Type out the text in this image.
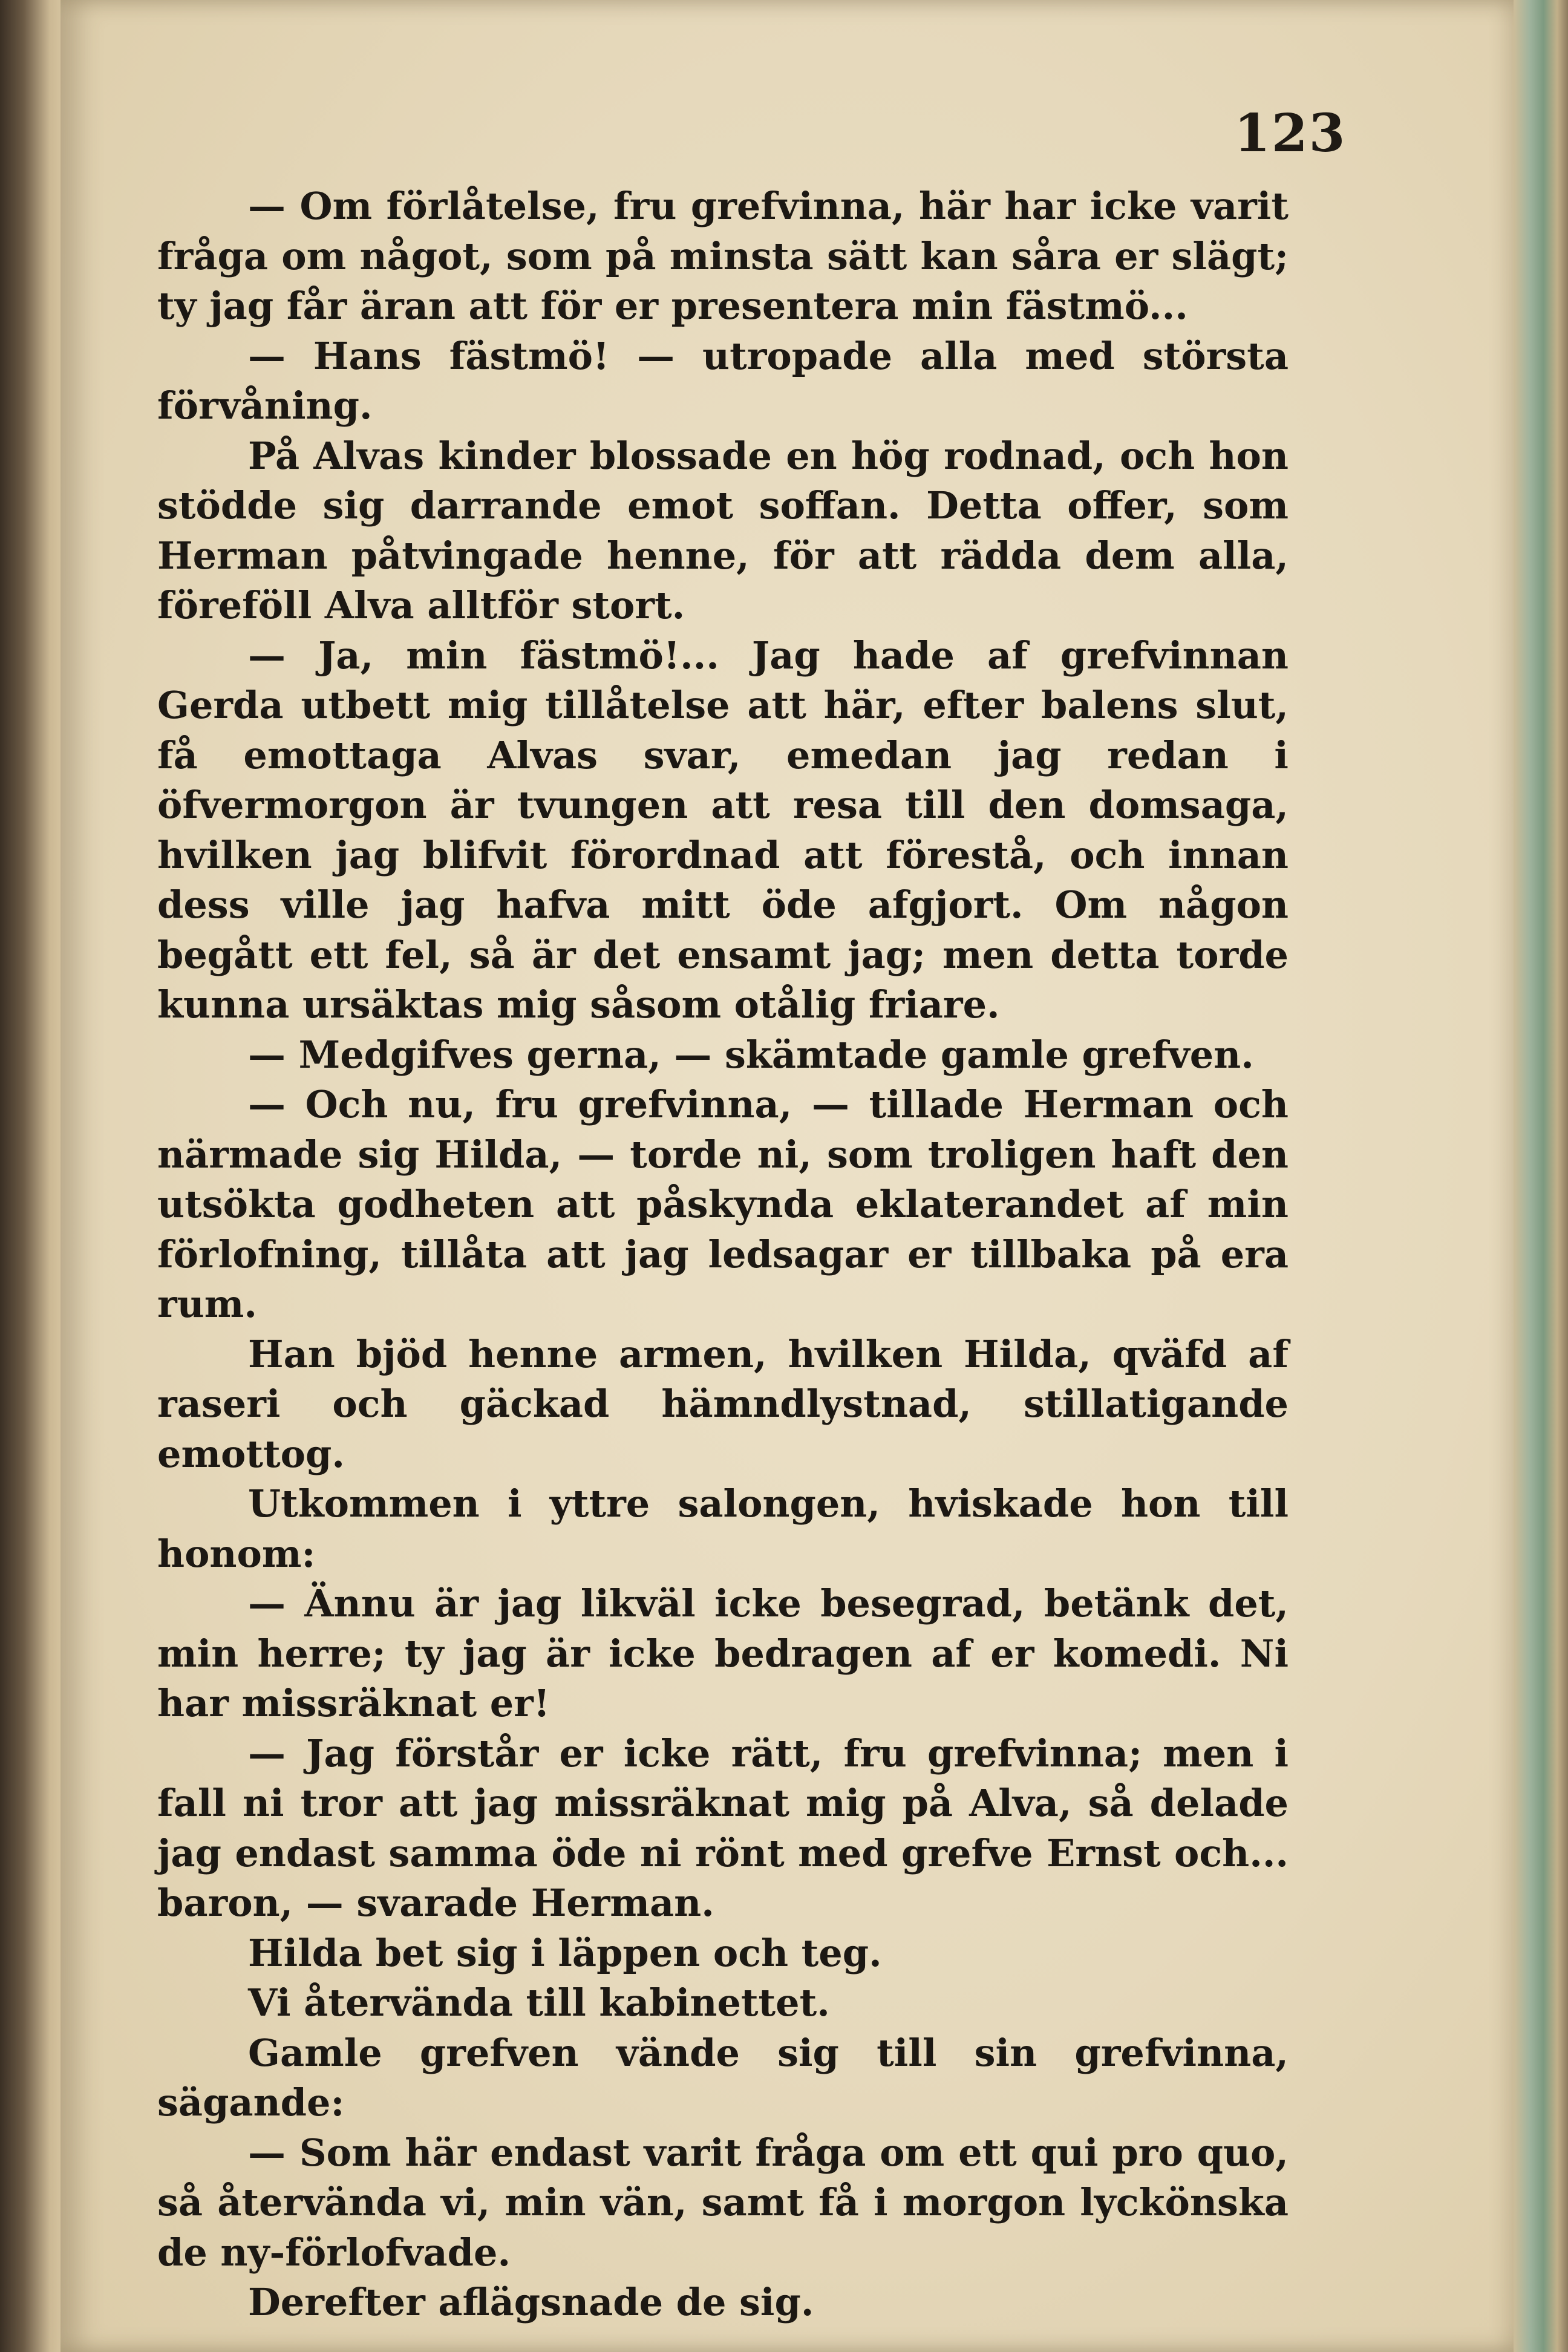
123

— Om förlåtelse, fru grefvinna, här har icke varit fråga om något, som på minsta sätt kan såra er slägt; ty jag får äran att för er presentera min fästmö...

— Hans fästmö! — utropade alla med största förvåning.

På Alvas kinder blossade en hög rodnad, och hon stödde sig darrande emot soffan. Detta offer, som Herman påtvingade henne, för att rädda dem alla, föreföll Alva alltför stort.

— Ja, min fästmö!... Jag hade af grefvinnan Gerda utbett mig tillåtelse att här, efter balens slut, få emottaga Alvas svar, emedan jag redan i öfvermorgon är tvungen att resa till den domsaga, hvilken jag blifvit förordnad att förestå, och innan dess ville jag hafva mitt öde afgjort. Om någon begått ett fel, så är det ensamt jag; men detta torde kunna ursäktas mig såsom otålig friare.

— Medgifves gerna, — skämtade gamle grefven.

— Och nu, fru grefvinna, — tillade Herman och närmade sig Hilda, — torde ni, som troligen haft den utsökta godheten att påskynda eklaterandet af min förlofning, tillåta att jag ledsagar er tillbaka på era rum.

Han bjöd henne armen, hvilken Hilda, qväfd af raseri och gäckad hämndlystnad, stillatigande emottog.

Utkommen i yttre salongen, hviskade hon till honom:

— Ännu är jag likväl icke besegrad, betänk det, min herre; ty jag är icke bedragen af er komedi. Ni har missräknat er!

— Jag förstår er icke rätt, fru grefvinna; men i fall ni tror att jag missräknat mig på Alva, så delade jag endast samma öde ni rönt med grefve Ernst och... baron, — svarade Herman.

Hilda bet sig i läppen och teg.

Vi återvända till kabinettet.

Gamle grefven vände sig till sin grefvinna, sägande:

— Som här endast varit fråga om ett qui pro quo, så återvända vi, min vän, samt få i morgon lyckönska de ny-förlofvade.

Derefter aflägsnade de sig.
